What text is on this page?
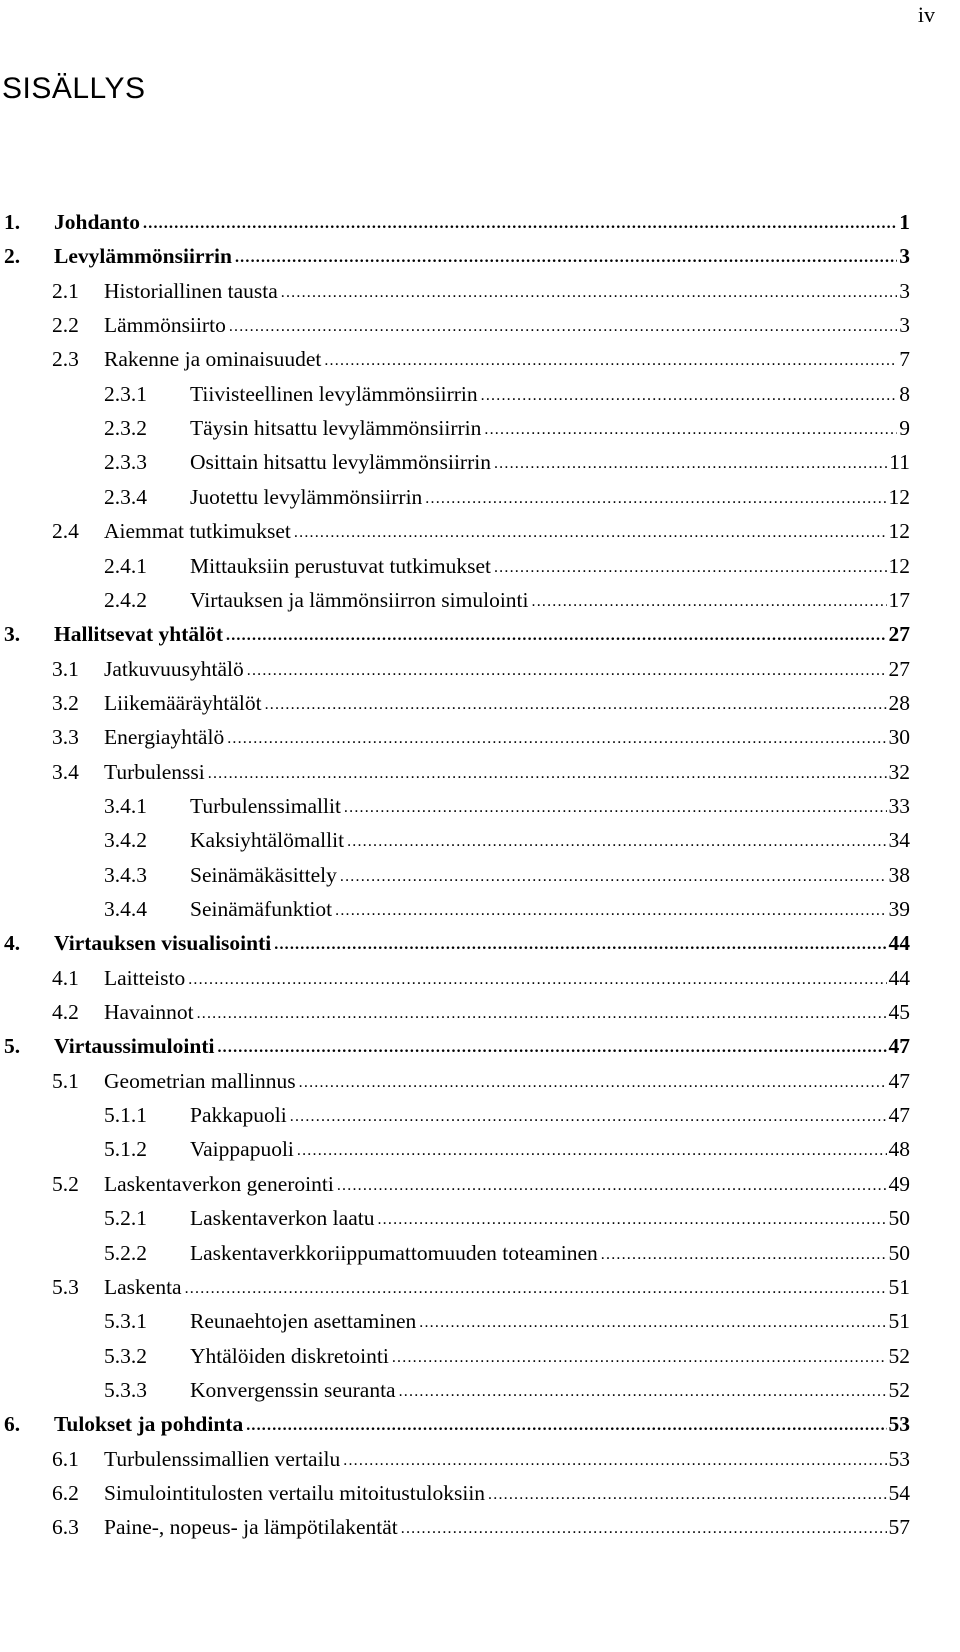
iv
SISÄLLYS
1. Johdanto .....	1
2. Levylämmönsiirrin .....	3
2.1 Historiallinen tausta .....	3
2.2 Lämmönsiirto .....	3
2.3 Rakenne ja ominaisuudet .....	7
2.3.1 Tiivisteellinen levylämmönsiirrin .....	8
2.3.2 Täysin hitsattu levylämmönsiirrin .....	9
2.3.3 Osittain hitsattu levylämmönsiirrin .....	11
2.3.4 Juotettu levylämmönsiirrin .....	12
2.4 Aiemmat tutkimukset .....	12
2.4.1 Mittauksiin perustuvat tutkimukset .....	12
2.4.2 Virtauksen ja lämmönsiirron simulointi .....	17
3. Hallitsevat yhtälöt .....	27
3.1 Jatkuvuusyhtälö .....	27
3.2 Liikemääräyhtälöt .....	28
3.3 Energiayhtälö .....	30
3.4 Turbulenssi .....	32
3.4.1 Turbulenssimallit .....	33
3.4.2 Kaksiyhtälömallit .....	34
3.4.3 Seinämäkäsittely .....	38
3.4.4 Seinämäfunktiot .....	39
4. Virtauksen visualisointi .....	44
4.1 Laitteisto .....	44
4.2 Havainnot .....	45
5. Virtaussimulointi .....	47
5.1 Geometrian mallinnus .....	47
5.1.1 Pakkapuoli .....	47
5.1.2 Vaippapuoli .....	48
5.2 Laskentaverkon generointi .....	49
5.2.1 Laskentaverkon laatu .....	50
5.2.2 Laskentaverkkoriippumattomuuden toteaminen .....	50
5.3 Laskenta .....	51
5.3.1 Reunaehtojen asettaminen .....	51
5.3.2 Yhtälöiden diskretointi .....	52
5.3.3 Konvergenssin seuranta .....	52
6. Tulokset ja pohdinta .....	53
6.1 Turbulenssimallien vertailu .....	53
6.2 Simulointitulosten vertailu mitoitustuloksiin .....	54
6.3 Paine-, nopeus- ja lämpötilakentät .....	57
